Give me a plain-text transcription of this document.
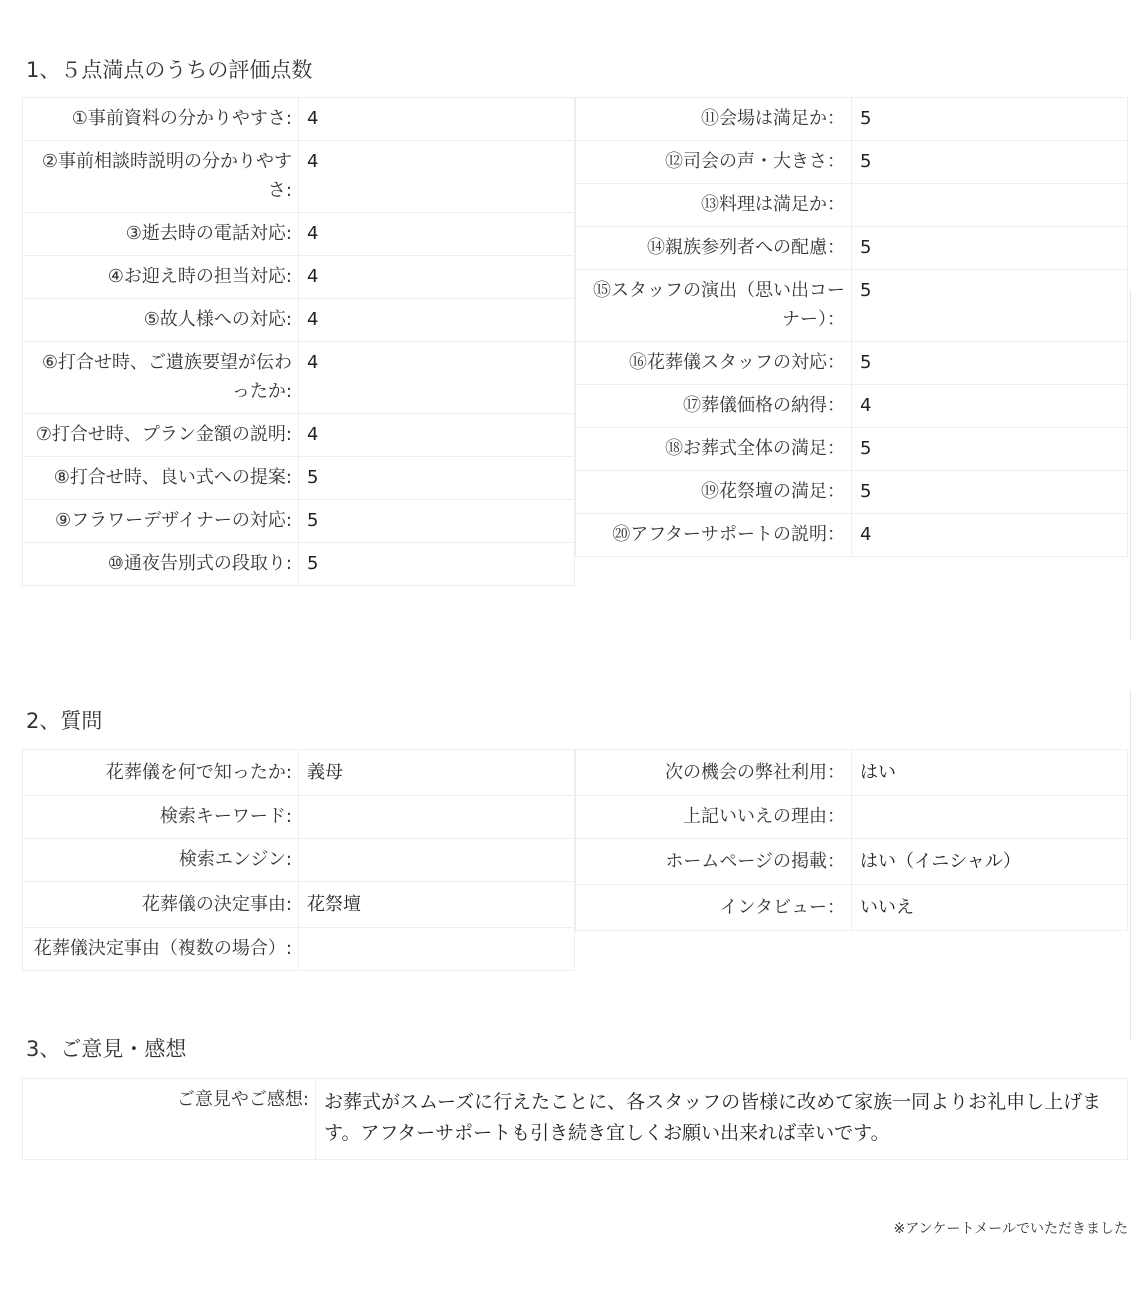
1、５点満点のうちの評価点数
①事前資料の分かりやすさ:	4
②事前相談時説明の分かりやすさ:	4
③逝去時の電話対応:	4
④お迎え時の担当対応:	4
⑤故人様への対応:	4
⑥打合せ時、ご遺族要望が伝わったか:	4
⑦打合せ時、プラン金額の説明:	4
⑧打合せ時、良い式への提案:	5
⑨フラワーデザイナーの対応:	5
⑩通夜告別式の段取り:	5
⑪会場は満足か：	5
⑫司会の声・大きさ：	5
⑬料理は満足か：	
⑭親族参列者への配慮：	5
⑮スタッフの演出（思い出コーナー）：	5
⑯花葬儀スタッフの対応：	5
⑰葬儀価格の納得：	4
⑱お葬式全体の満足：	5
⑲花祭壇の満足：	5
⑳アフターサポートの説明：	4
2、質問
花葬儀を何で知ったか:	義母
検索キーワード:	
検索エンジン:	
花葬儀の決定事由:	花祭壇
花葬儀決定事由（複数の場合）:	
次の機会の弊社利用：	はい
上記いいえの理由：	
ホームページの掲載：	はい（イニシャル）
インタビュー：	いいえ
3、ご意見・感想
ご意見やご感想:	お葬式がスムーズに行えたことに、各スタッフの皆様に改めて家族一同よりお礼申し上げます。アフターサポートも引き続き宜しくお願い出来れば幸いです。
※アンケートメールでいただきました
